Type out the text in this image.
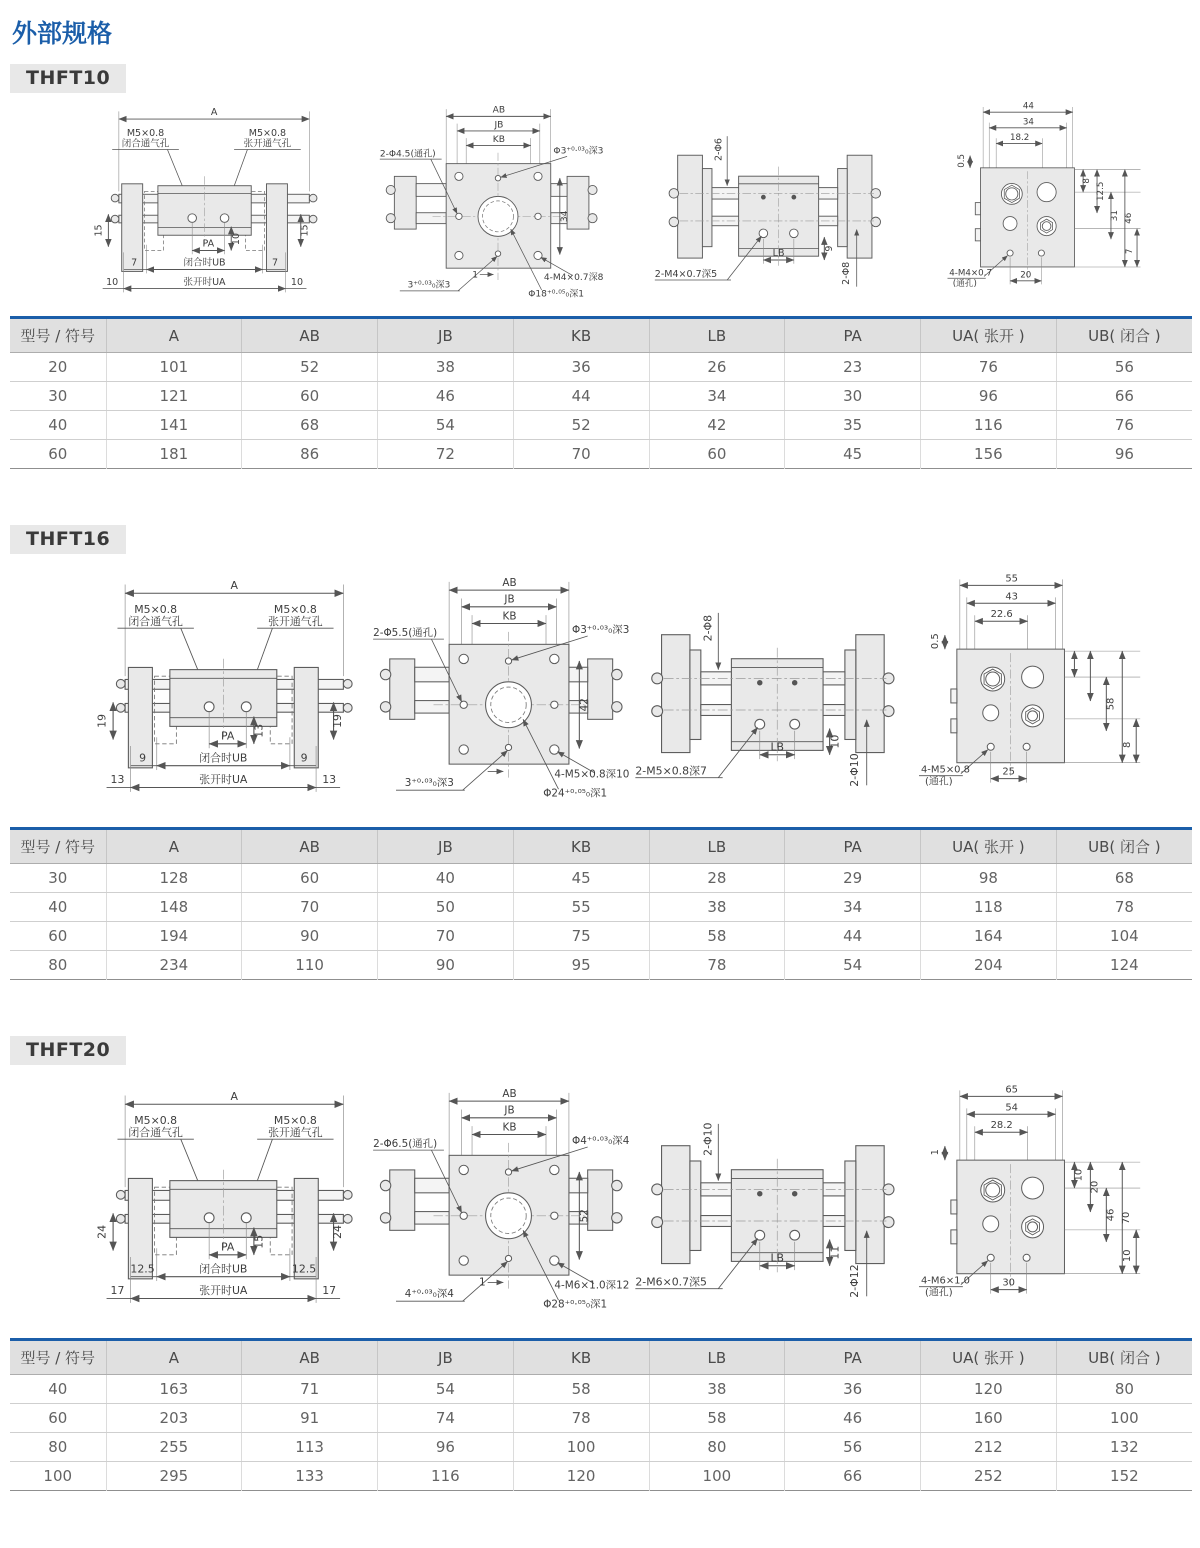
外部规格
THFT10
A
M5×0.8
闭合通气孔
M5×0.8
张开通气孔
PA 10
15	15
闭合时UB
7	7
张开时UA
10	10
AB
JB
KB
2-Φ4.5(通孔)	Φ3⁺⁰·⁰³₀深3
4-M4×0.7深8
Φ18⁺⁰·⁰⁵₀深1
3⁺⁰·⁰³₀深3
34
1
2-Φ6
2-M4×0.7深5
LB	9
2-Φ8
44
34
18.2
0.5
20
4-M4×0.7
(通孔)
8
12.5
31 46
7
型号 / 符号	A	AB	JB	KB	LB	PA	UA( 张开 )	UB( 闭合 )
20	101	52	38	36	26	23	76	56
30	121	60	46	44	34	30	96	66
40	141	68	54	52	42	35	116	76
60	181	86	72	70	60	45	156	96
THFT16
A
M5×0.8
闭合通气孔
M5×0.8
张开通气孔
PA 13
19	19
闭合时UB
9	9
张开时UA
13	13
AB
JB
KB
2-Φ5.5(通孔)	Φ3⁺⁰·⁰³₀深3
4-M5×0.8深10
Φ24⁺⁰·⁰⁵₀深1
3⁺⁰·⁰³₀深3
42
2-Φ8
2-M5×0.8深7
LB	10
2-Φ10
55
43
22.6
0.5
25
4-M5×0.8
(通孔)
58
8
型号 / 符号	A	AB	JB	KB	LB	PA	UA( 张开 )	UB( 闭合 )
30	128	60	40	45	28	29	98	68
40	148	70	50	55	38	34	118	78
60	194	90	70	75	58	44	164	104
80	234	110	90	95	78	54	204	124
THFT20
A
M5×0.8
闭合通气孔
M5×0.8
张开通气孔
PA 15
24	24
闭合时UB
12.5	12.5
张开时UA
17	17
AB
JB
KB
2-Φ6.5(通孔)	Φ4⁺⁰·⁰³₀深4
4-M6×1.0深12
Φ28⁺⁰·⁰⁵₀深1
4⁺⁰·⁰³₀深4
52
1
2-Φ10
2-M6×0.7深5
LB	11
2-Φ12
65
54
28.2
1
30
4-M6×1.0
(通孔)
10
20
46 70
10
型号 / 符号	A	AB	JB	KB	LB	PA	UA( 张开 )	UB( 闭合 )
40	163	71	54	58	38	36	120	80
60	203	91	74	78	58	46	160	100
80	255	113	96	100	80	56	212	132
100	295	133	116	120	100	66	252	152
